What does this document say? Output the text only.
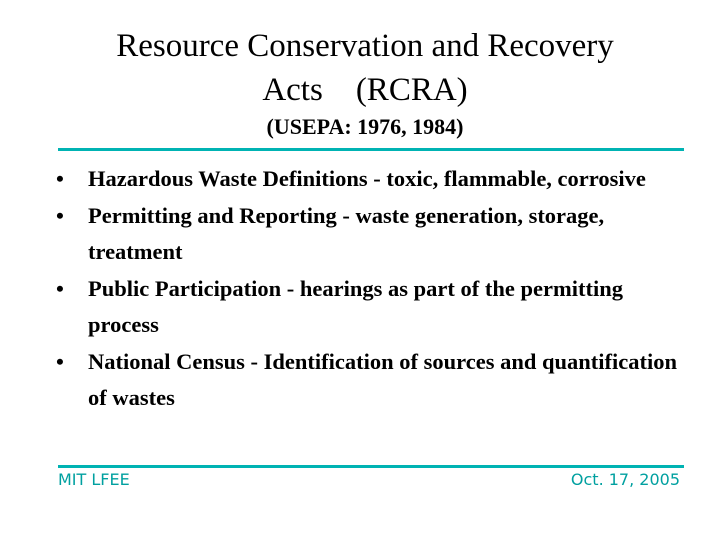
Resource Conservation and Recovery
Acts    (RCRA)
(USEPA: 1976, 1984)
•	Hazardous Waste Definitions - toxic, flammable, corrosive
•	Permitting and Reporting - waste generation, storage, treatment
•	Public Participation - hearings as part of the permitting process
•	National Census - Identification of sources and quantification of wastes
MIT LFEE	Oct. 17, 2005
